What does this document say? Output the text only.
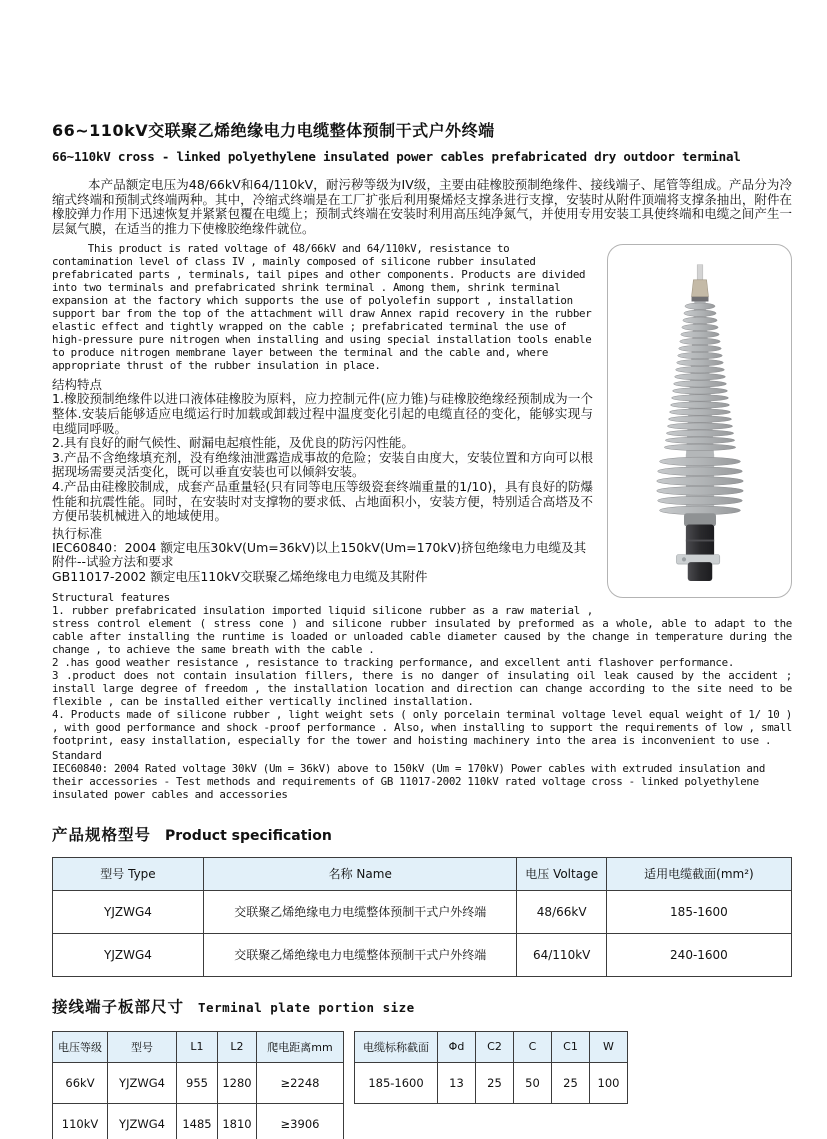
66~110kV交联聚乙烯绝缘电力电缆整体预制干式户外终端
66~110kV cross - linked polyethylene insulated power cables prefabricated dry outdoor terminal

本产品额定电压为48/66kV和64/110kV，耐污秽等级为IV级，主要由硅橡胶预制绝缘件、接线端子、尾管等组成。产品分为冷缩式终端和预制式终端两种。其中，冷缩式终端是在工厂扩张后利用聚烯烃支撑条进行支撑，安装时从附件顶端将支撑条抽出，附件在橡胶弹力作用下迅速恢复并紧紧包覆在电缆上；预制式终端在安装时利用高压纯净氮气，并使用专用安装工具使终端和电缆之间产生一层氮气膜，在适当的推力下使橡胶绝缘件就位。

This product is rated voltage of 48/66kV and 64/110kV, resistance to contamination level of class IV , mainly composed of silicone rubber insulated prefabricated parts , terminals, tail pipes and other components. Products are divided into two terminals and prefabricated shrink terminal . Among them, shrink terminal expansion at the factory which supports the use of polyolefin support , installation support bar from the top of the attachment will draw Annex rapid recovery in the rubber elastic effect and tightly wrapped on the cable ; prefabricated terminal the use of high-pressure pure nitrogen when installing and using special installation tools enable to produce nitrogen membrane layer between the terminal and the cable and, where appropriate thrust of the rubber insulation in place.

结构特点
1.橡胶预制绝缘件以进口液体硅橡胶为原料，应力控制元件(应力锥)与硅橡胶绝缘经预制成为一个整体.安装后能够适应电缆运行时加载或卸载过程中温度变化引起的电缆直径的变化，能够实现与电缆同呼吸。
2.具有良好的耐气候性、耐漏电起痕性能，及优良的防污闪性能。
3.产品不含绝缘填充剂，没有绝缘油泄露造成事故的危险；安装自由度大，安装位置和方向可以根据现场需要灵活变化，既可以垂直安装也可以倾斜安装。
4.产品由硅橡胶制成，成套产品重量轻(只有同等电压等级瓷套终端重量的1/10)，具有良好的防爆性能和抗震性能。同时，在安装时对支撑物的要求低、占地面积小，安装方便，特别适合高塔及不方便吊装机械进入的地域使用。
执行标准
IEC60840：2004 额定电压30kV(Um=36kV)以上150kV(Um=170kV)挤包绝缘电力电缆及其附件--试验方法和要求
GB11017-2002 额定电压110kV交联聚乙烯绝缘电力电缆及其附件
Structural features
1. rubber prefabricated insulation imported liquid silicone rubber as a raw material , stress control element ( stress cone ) and silicone rubber insulated by preformed as a whole, able to adapt to the cable after installing the runtime is loaded or unloaded cable diameter caused by the change in temperature during the change , to achieve the same breath with the cable .
2 .has good weather resistance , resistance to tracking performance, and excellent anti flashover performance.
3 .product does not contain insulation fillers, there is no danger of insulating oil leak caused by the accident ; install large degree of freedom , the installation location and direction can change according to the site need to be flexible , can be installed either vertically inclined installation.
4. Products made of silicone rubber , light weight sets ( only porcelain terminal voltage level equal weight of 1/ 10 ) , with good performance and shock -proof performance . Also, when installing to support the requirements of low , small footprint, easy installation, especially for the tower and hoisting machinery into the area is inconvenient to use .
Standard
IEC60840: 2004 Rated voltage 30kV (Um = 36kV) above to 150kV (Um = 170kV) Power cables with extruded insulation and their accessories - Test methods and requirements of GB 11017-2002 110kV rated voltage cross - linked polyethylene insulated power cables and accessories
产品规格型号 Product specification
型号 Type	名称 Name	电压 Voltage	适用电缆截面(mm²)
YJZWG4	交联聚乙烯绝缘电力电缆整体预制干式户外终端	48/66kV	185-1600
YJZWG4	交联聚乙烯绝缘电力电缆整体预制干式户外终端	64/110kV	240-1600
接线端子板部尺寸 Terminal plate portion size
电压等级	型号	L1	L2	爬电距离mm
66kV	YJZWG4	955	1280	≥2248
110kV	YJZWG4	1485	1810	≥3906
电缆标称截面	Φd	C2	C	C1	W
185-1600	13	25	50	25	100
